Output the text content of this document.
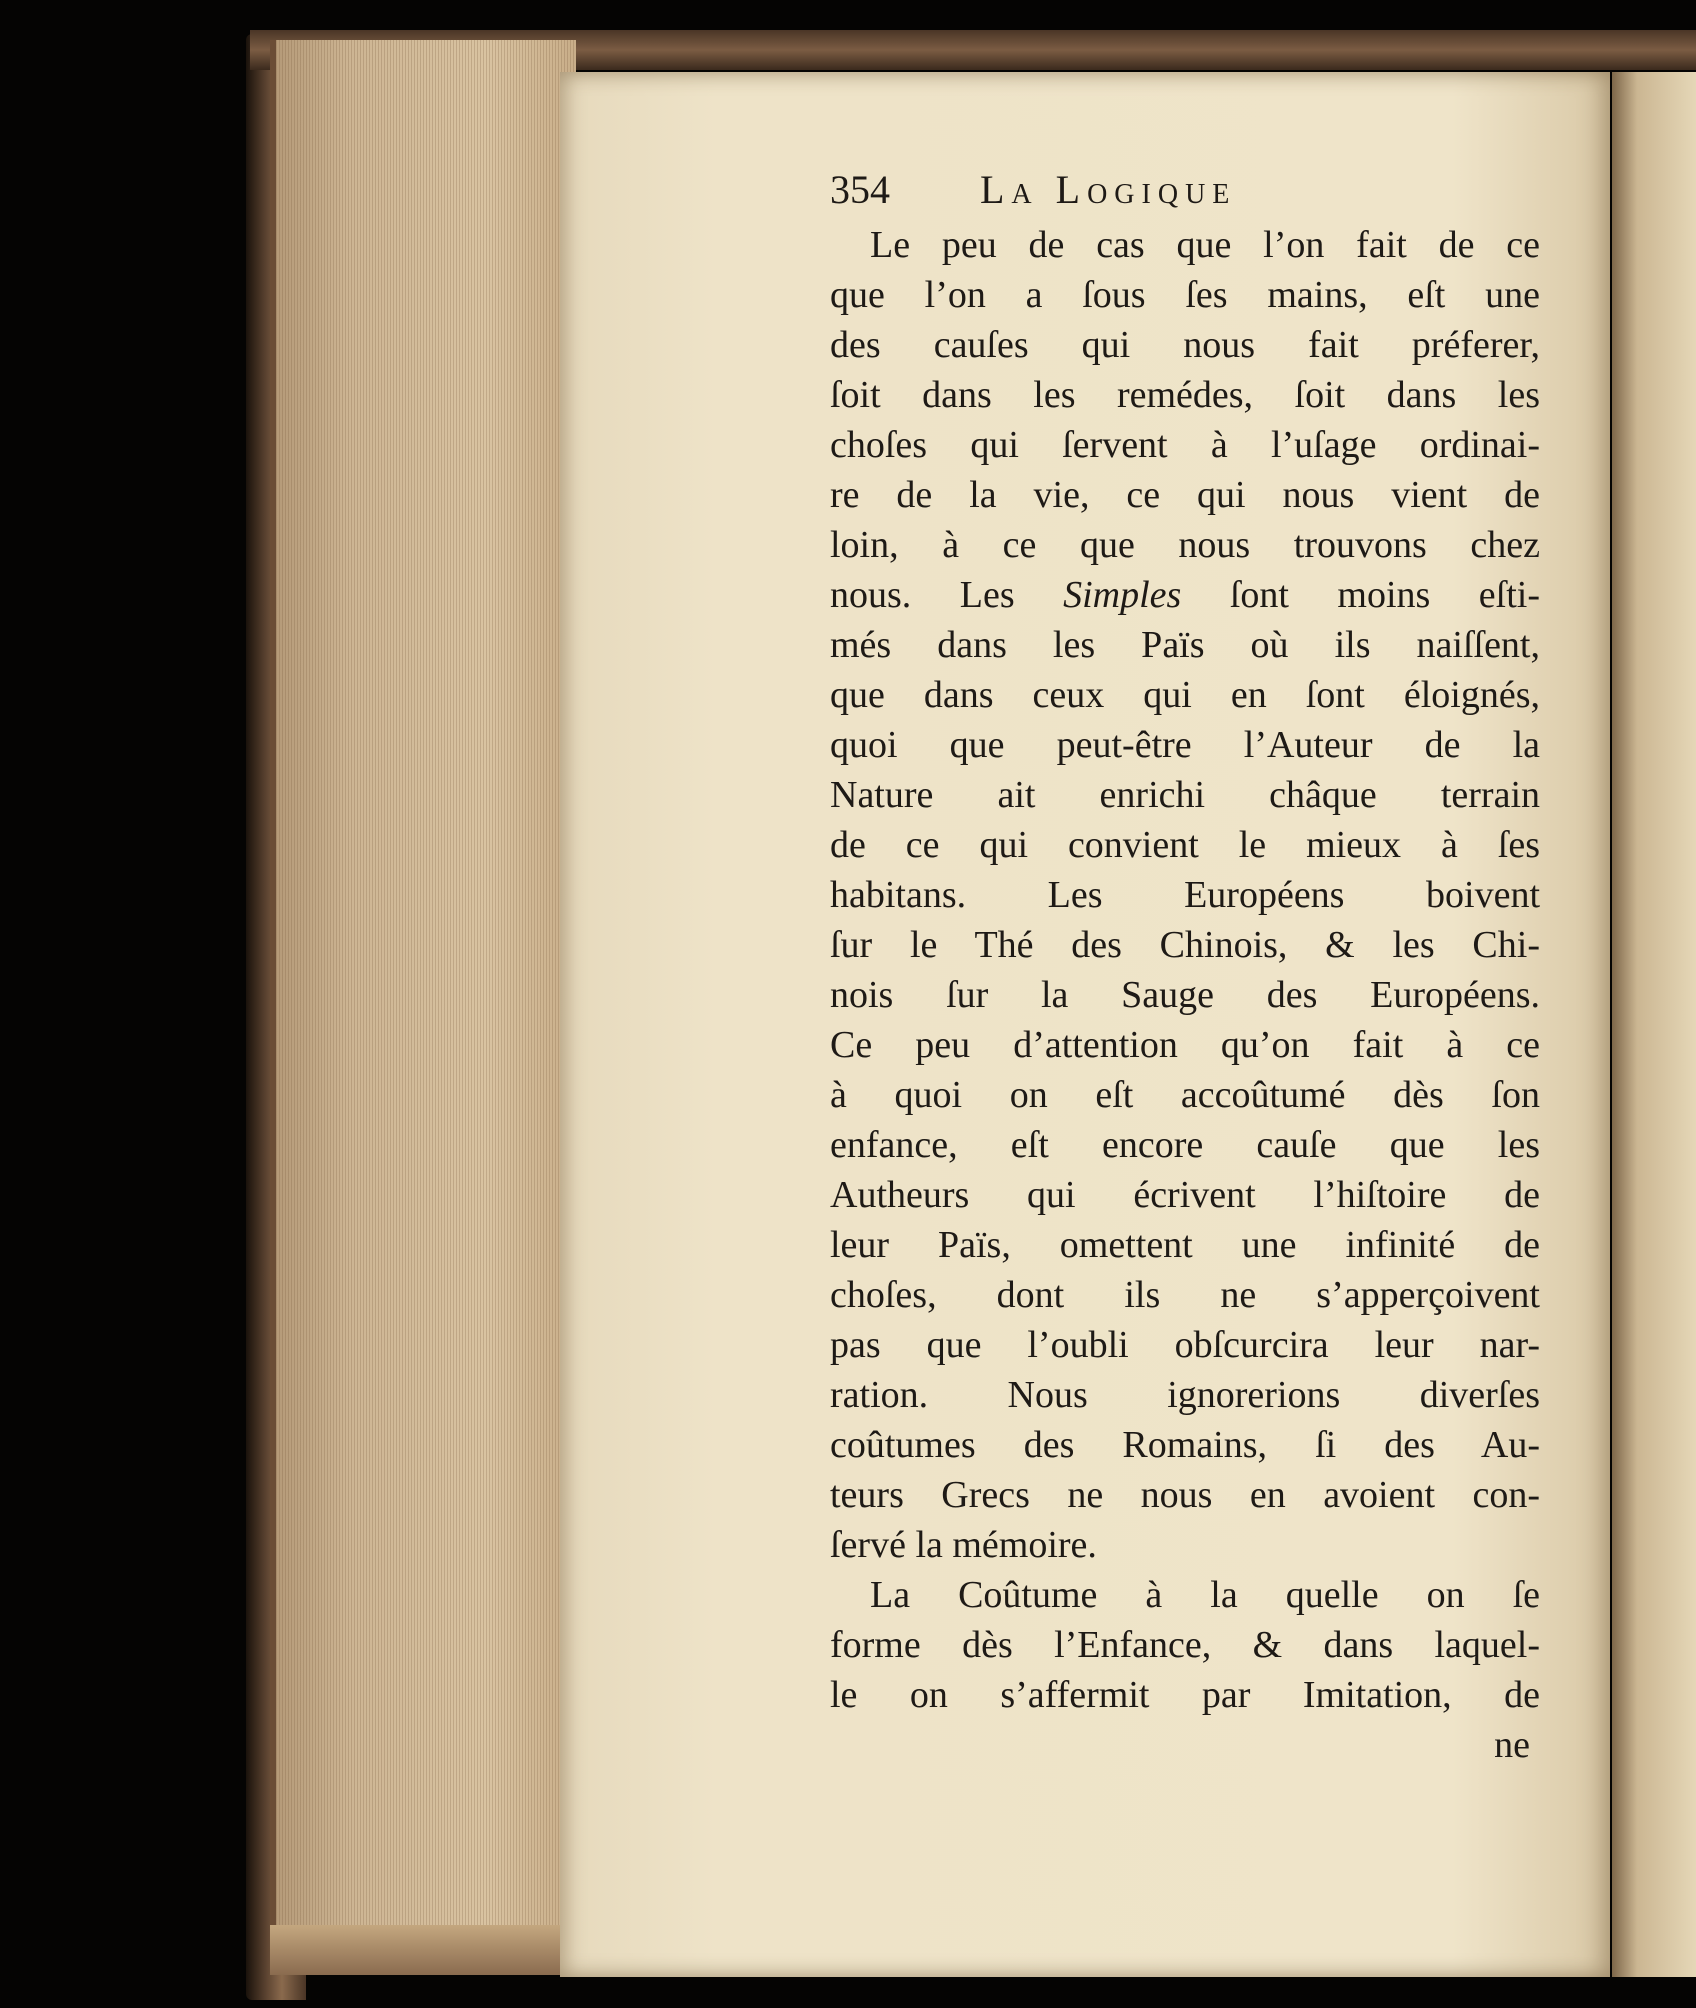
354	La Logique
Le peu de cas que l’on fait de ce
que l’on a ſous ſes mains, eſt une
des cauſes qui nous fait préferer,
ſoit dans les remédes, ſoit dans les
choſes qui ſervent à l’uſage ordinai-
re de la vie, ce qui nous vient de
loin, à ce que nous trouvons chez
nous. Les Simples ſont moins eſti-
més dans les Païs où ils naiſſent,
que dans ceux qui en ſont éloignés,
quoi que peut-être l’Auteur de la
Nature ait enrichi châque terrain
de ce qui convient le mieux à ſes
habitans. Les Européens boivent
ſur le Thé des Chinois, & les Chi-
nois ſur la Sauge des Européens.
Ce peu d’attention qu’on fait à ce
à quoi on eſt accoûtumé dès ſon
enfance, eſt encore cauſe que les
Autheurs qui écrivent l’hiſtoire de
leur Païs, omettent une infinité de
choſes, dont ils ne s’apperçoivent
pas que l’oubli obſcurcira leur nar-
ration. Nous ignorerions diverſes
coûtumes des Romains, ſi des Au-
teurs Grecs ne nous en avoient con-
ſervé la mémoire.
La Coûtume à la quelle on ſe
forme dès l’Enfance, & dans laquel-
le on s’affermit par Imitation, de
ne
